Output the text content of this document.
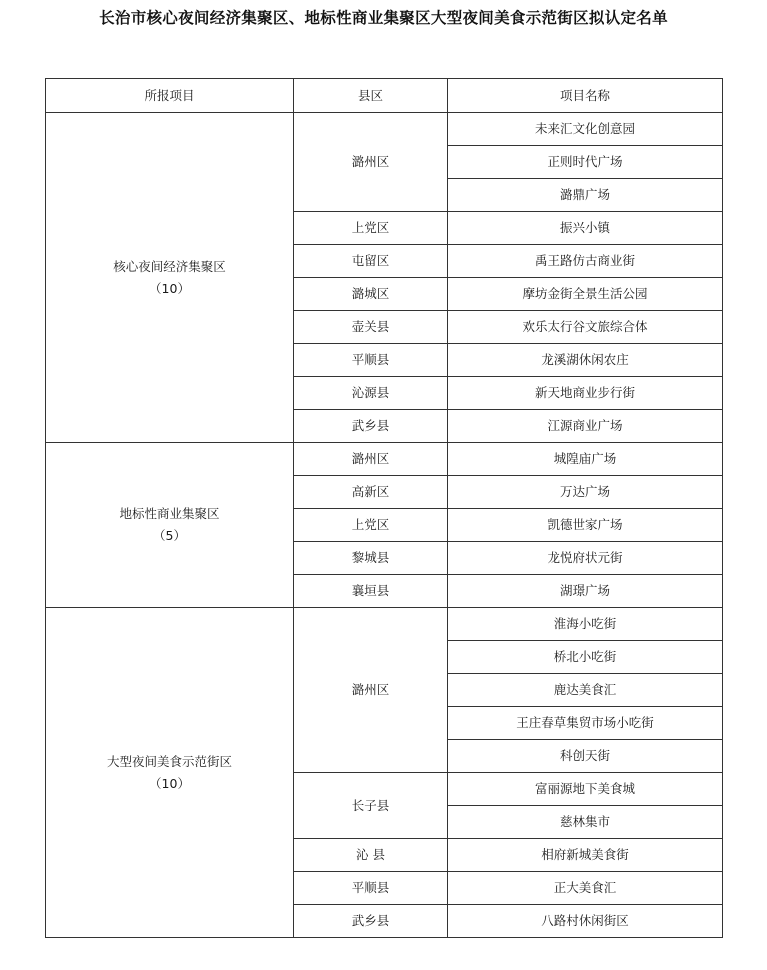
长治市核心夜间经济集聚区、地标性商业集聚区大型夜间美食示范街区拟认定名单
所报项目	县区	项目名称

核心夜间经济集聚区
（10）	潞州区	未来汇文化创意园
		正则时代广场
		潞鼎广场
	上党区	振兴小镇
	屯留区	禹王路仿古商业街
	潞城区	摩坊金街全景生活公园
	壶关县	欢乐太行谷文旅综合体
	平顺县	龙溪湖休闲农庄
	沁源县	新天地商业步行街
	武乡县	江源商业广场

地标性商业集聚区
（5）	潞州区	城隍庙广场
	高新区	万达广场
	上党区	凯德世家广场
	黎城县	龙悦府状元街
	襄垣县	湖璟广场

大型夜间美食示范街区
（10）	潞州区	淮海小吃街
		桥北小吃街
		鹿达美食汇
		王庄春草集贸市场小吃街
		科创天街
	长子县	富丽源地下美食城
		慈林集市
	沁 县	相府新城美食街
	平顺县	正大美食汇
	武乡县	八路村休闲街区
